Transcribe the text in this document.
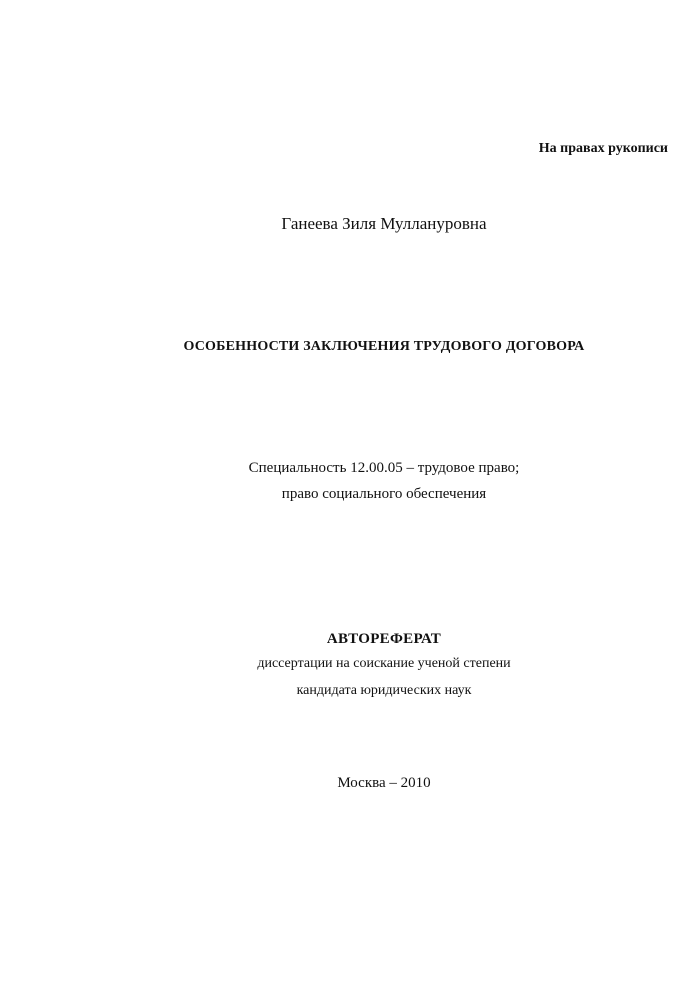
На правах рукописи
Ганеева Зиля Муллануровна
ОСОБЕННОСТИ ЗАКЛЮЧЕНИЯ ТРУДОВОГО ДОГОВОРА
Специальность 12.00.05 – трудовое право;
право социального обеспечения
АВТОРЕФЕРАТ
диссертации на соискание ученой степени
кандидата юридических наук
Москва – 2010
